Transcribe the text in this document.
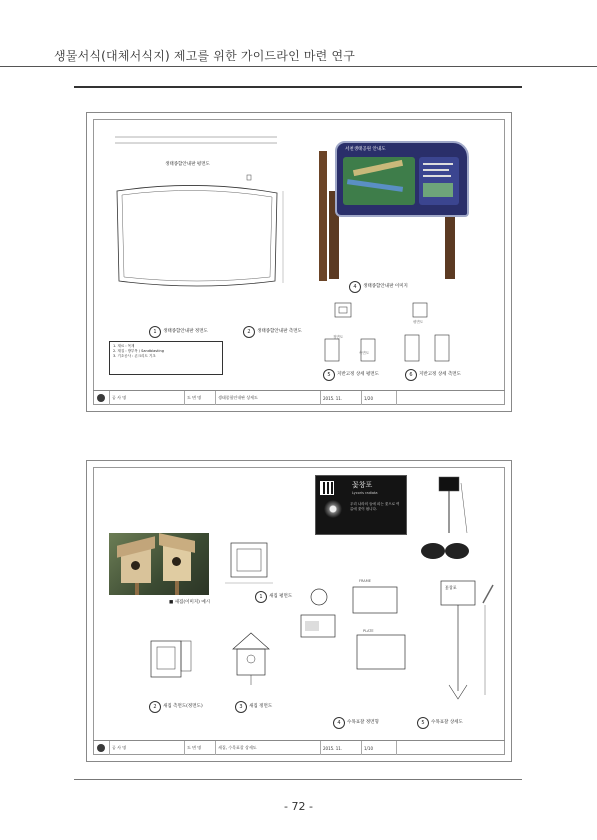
생물서식(대체서식지) 제고를 위한 가이드라인 마련 연구
생태종합안내판 평면도
서천생태공원 안내도
4	생태종합안내판 이미지
1	생태종합안내판 정면도	2	생태종합안내판 측면도
1. 재료 : 목재
2. 재질 : 방부목 / Sandblasting
3. 기초공사 : 콘크리트 기초
평면도
정면도
측면도
5	지반고정 상세 평면도	6	지반고정 상세 측면도
공 사 명	도 면 명	생태종합안내판 상세도	2015. 11.	1/20
■ 새집(이미지) 예시
1	새집 평면도
2	새집 측면도(정면도)	3	새집 정면도
꽃창포
Lycoris radiata
우리 나라의 들에 피는 꽃으로 여름에 꽃이 핍니다.
FRAME
PLATE
꽃창포
4	수목표찰 정면형	5	수목표찰 상세도
공 사 명	도 면 명	새집, 수목표찰 상세도	2015. 11.	1/10
- 72 -
